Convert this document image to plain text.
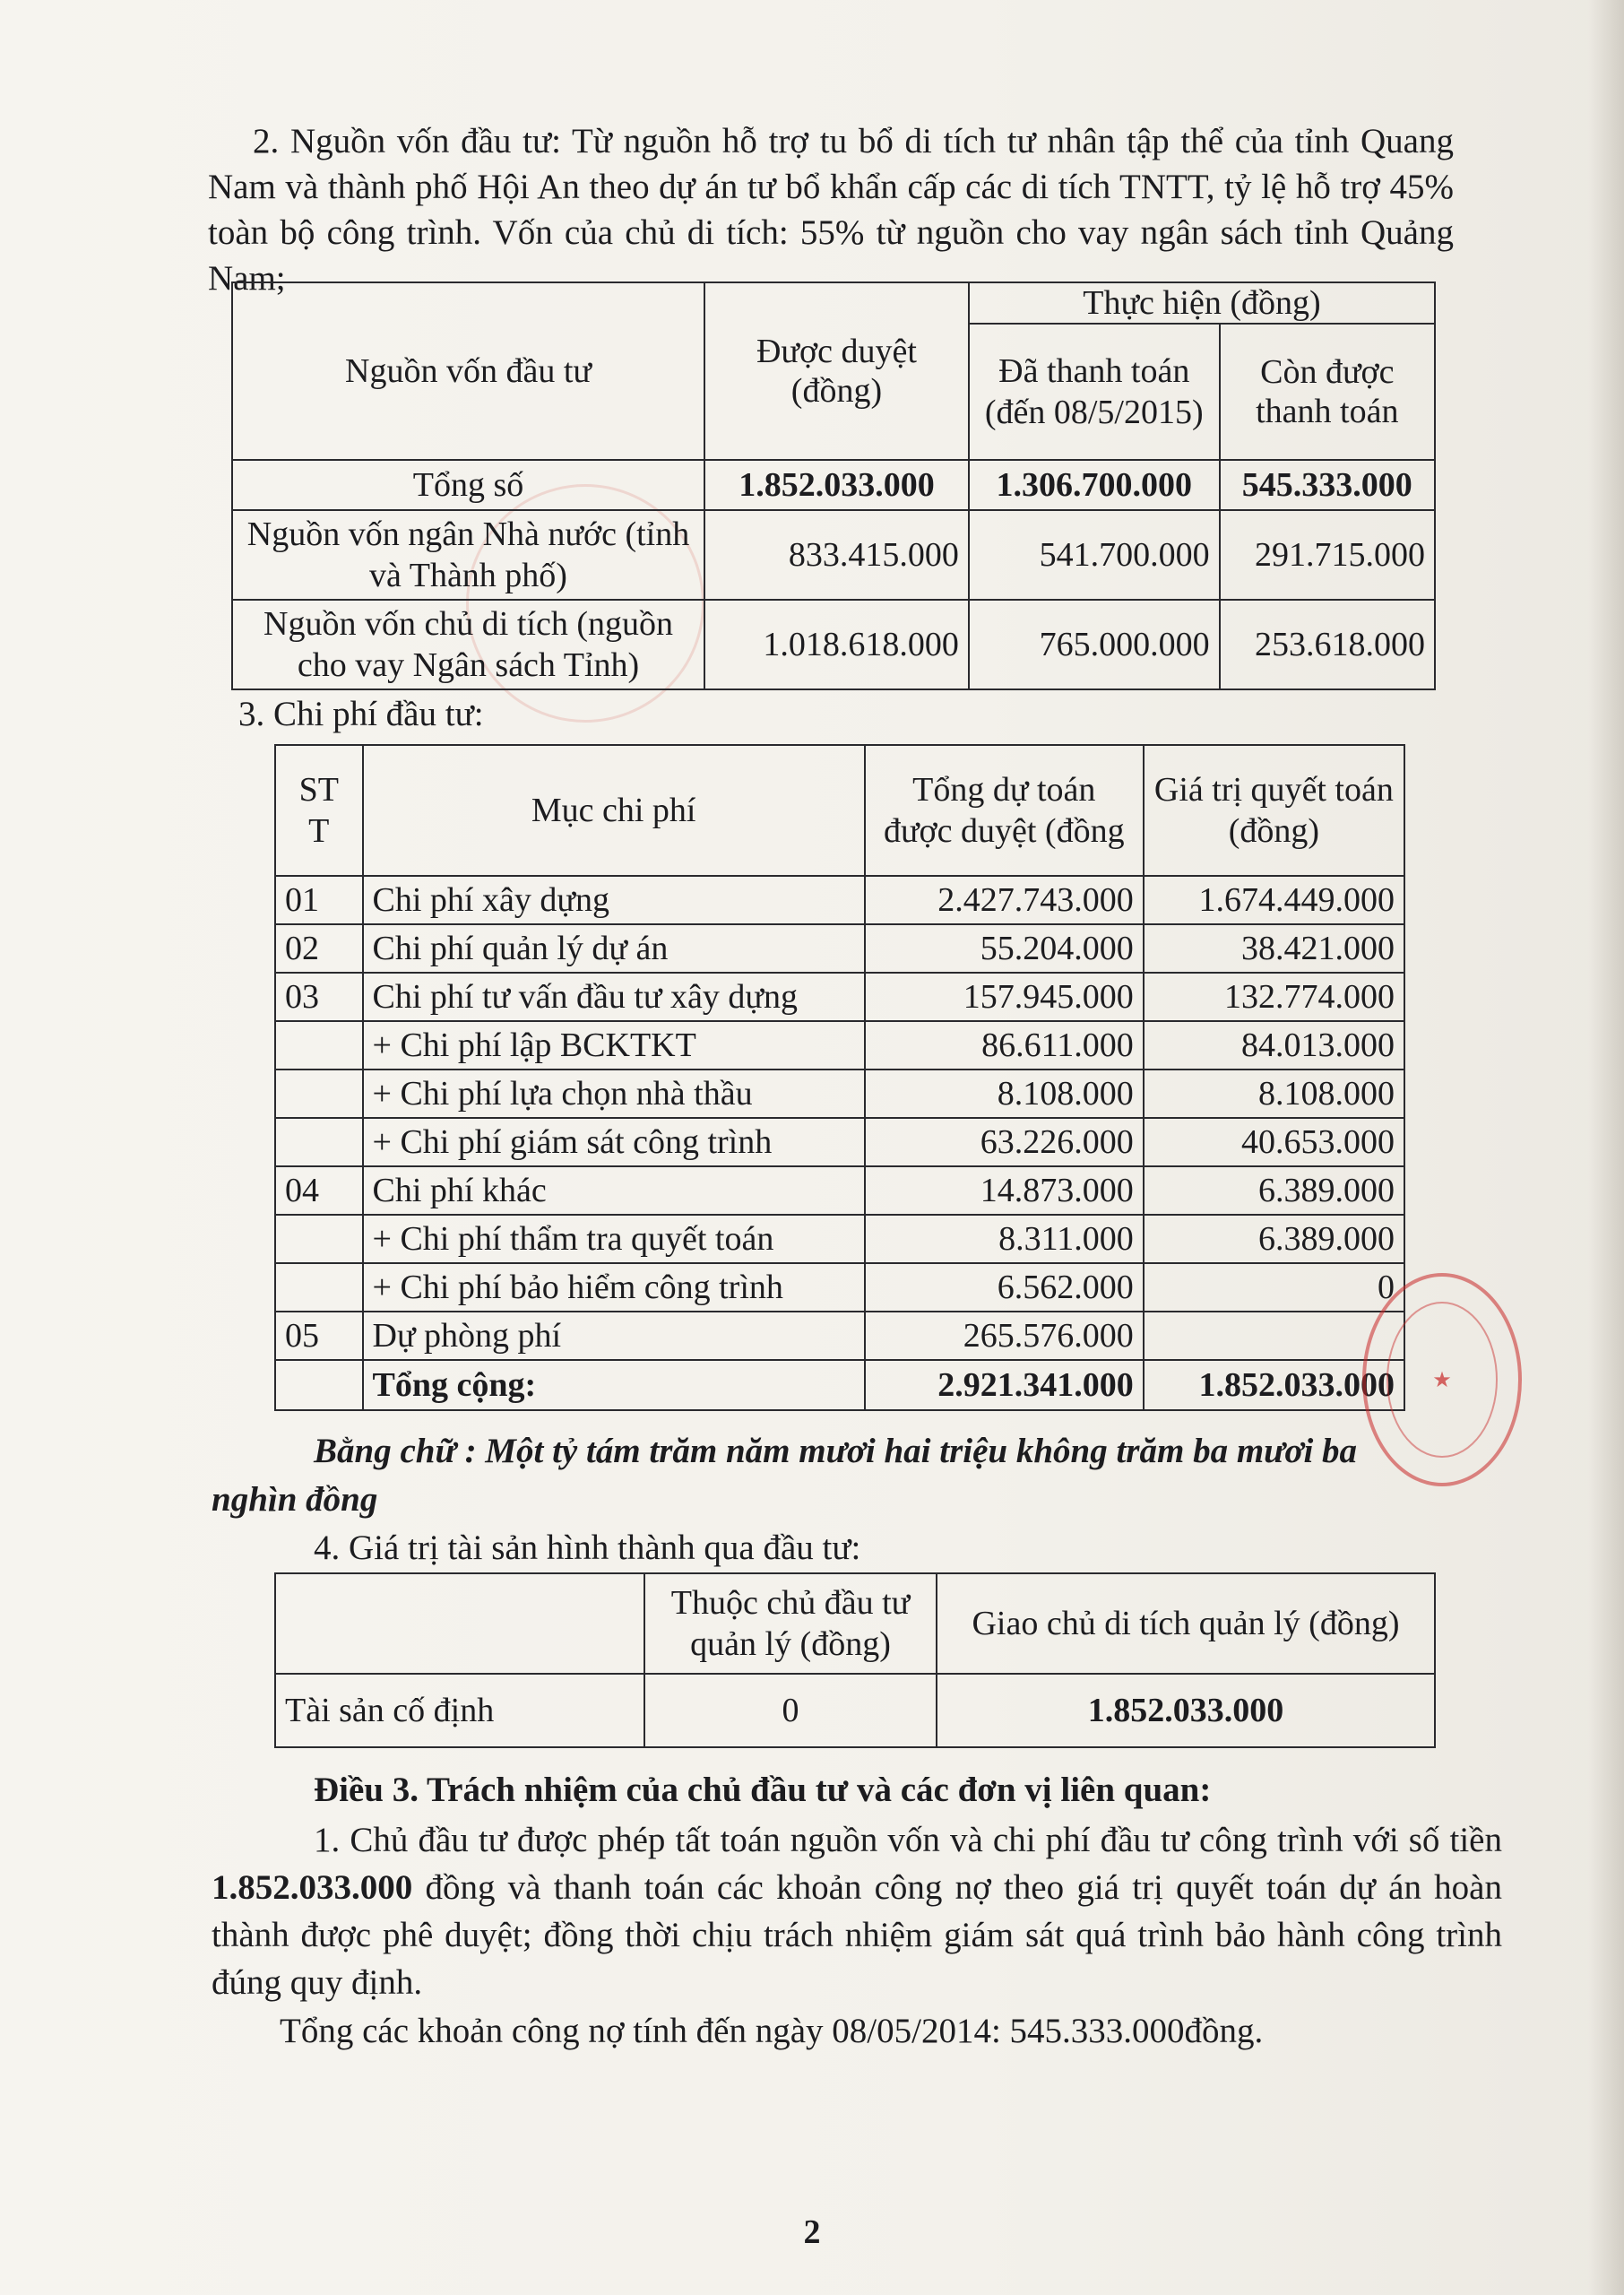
2. Nguồn vốn đầu tư: Từ nguồn hỗ trợ tu bổ di tích tư nhân tập thể của tỉnh Quang Nam và thành phố Hội An theo dự án tư bổ khẩn cấp các di tích TNTT, tỷ lệ hỗ trợ 45% toàn bộ công trình. Vốn của chủ di tích: 55% từ nguồn cho vay ngân sách tỉnh Quảng Nam;

Nguồn vốn đầu tư	Được duyệt (đồng)	Thực hiện (đồng)	
		Đã thanh toán (đến 08/5/2015)	Còn được thanh toán
Tổng số	1.852.033.000	1.306.700.000	545.333.000
Nguồn vốn ngân Nhà nước (tỉnh và Thành phố)	833.415.000	541.700.000	291.715.000
Nguồn vốn chủ di tích (nguồn cho vay Ngân sách Tỉnh)	1.018.618.000	765.000.000	253.618.000

3. Chi phí đầu tư:

ST T	Mục chi phí	Tổng dự toán được duyệt (đồng	Giá trị quyết toán (đồng)
01	Chi phí xây dựng	2.427.743.000	1.674.449.000
02	Chi phí quản lý dự án	55.204.000	38.421.000
03	Chi phí tư vấn đầu tư xây dựng	157.945.000	132.774.000
	+ Chi phí lập BCKTKT	86.611.000	84.013.000
	+ Chi phí lựa chọn nhà thầu	8.108.000	8.108.000
	+ Chi phí giám sát công trình	63.226.000	40.653.000
04	Chi phí khác	14.873.000	6.389.000
	+ Chi phí thẩm tra quyết toán	8.311.000	6.389.000
	+ Chi phí bảo hiểm công trình	6.562.000	0
05	Dự phòng phí	265.576.000	
	Tổng cộng:	2.921.341.000	1.852.033.000

Bằng chữ : Một tỷ tám trăm năm mươi hai triệu không trăm ba mươi ba

nghìn đồng

★

4. Giá trị tài sản hình thành qua đầu tư:

	Thuộc chủ đầu tư quản lý (đồng)	Giao chủ di tích quản lý (đồng)
Tài sản cố định	0	1.852.033.000

Điều 3. Trách nhiệm của chủ đầu tư và các đơn vị liên quan:

1. Chủ đầu tư được phép tất toán nguồn vốn và chi phí đầu tư công trình với số tiền 1.852.033.000 đồng và thanh toán các khoản công nợ theo giá trị quyết toán dự án hoàn thành được phê duyệt; đồng thời chịu trách nhiệm giám sát quá trình bảo hành công trình đúng quy định.

Tổng các khoản công nợ tính đến ngày 08/05/2014: 545.333.000đồng.

2
